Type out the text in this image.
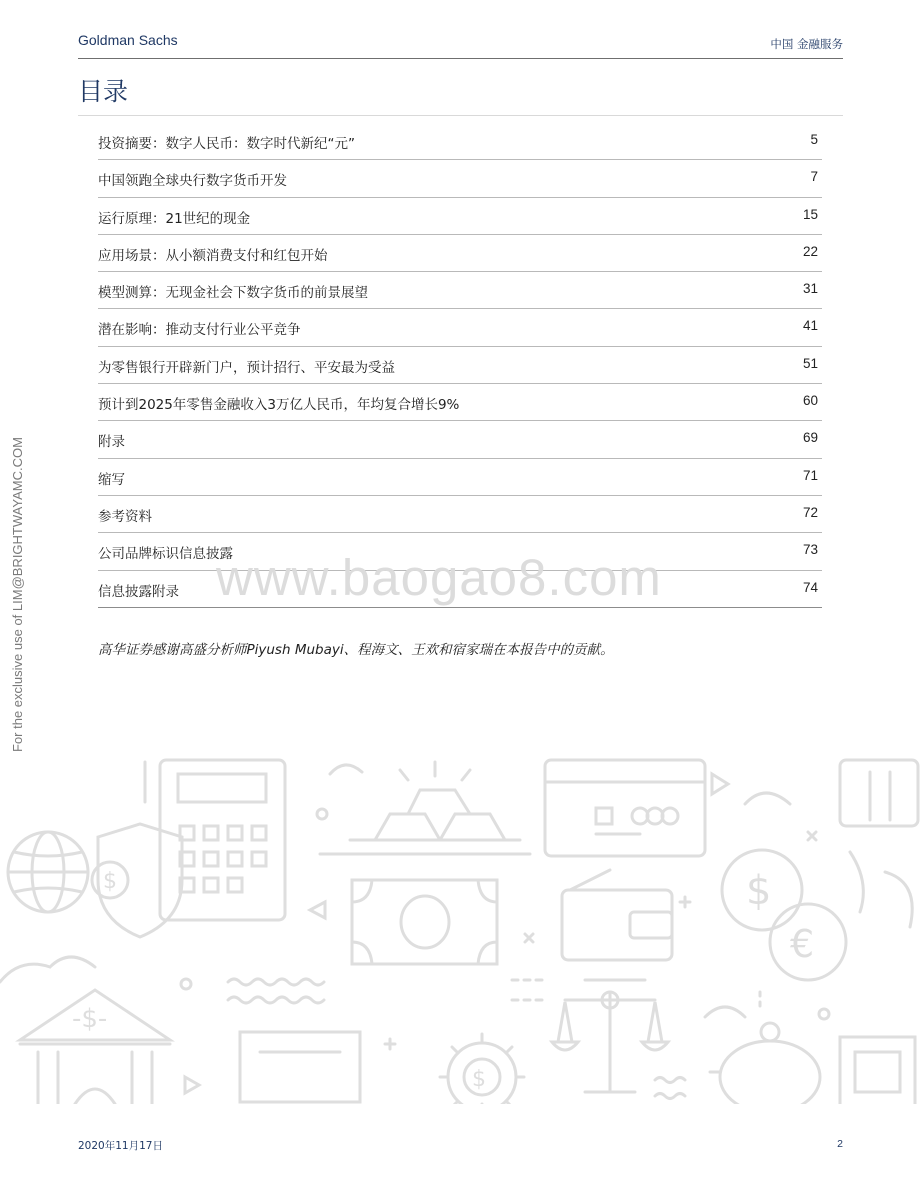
Goldman Sachs	中国 金融服务
目录
投资摘要：数字人民币：数字时代新纪“元”	5
中国领跑全球央行数字货币开发	7
运行原理：21世纪的现金	15
应用场景：从小额消费支付和红包开始	22
模型测算：无现金社会下数字货币的前景展望	31
潜在影响：推动支付行业公平竞争	41
为零售银行开辟新门户，预计招行、平安最为受益	51
预计到2025年零售金融收入3万亿人民币，年均复合增长9%	60
附录	69
缩写	71
参考资料	72
公司品牌标识信息披露	73
信息披露附录	74
高华证券感谢高盛分析师Piyush Mubayi、程海文、王欢和宿家瑞在本报告中的贡献。
www.baogao8.com
For the exclusive use of LIM@BRIGHTWAYAMC.COM
$	$
€
-$-
$
2020年11月17日	2
